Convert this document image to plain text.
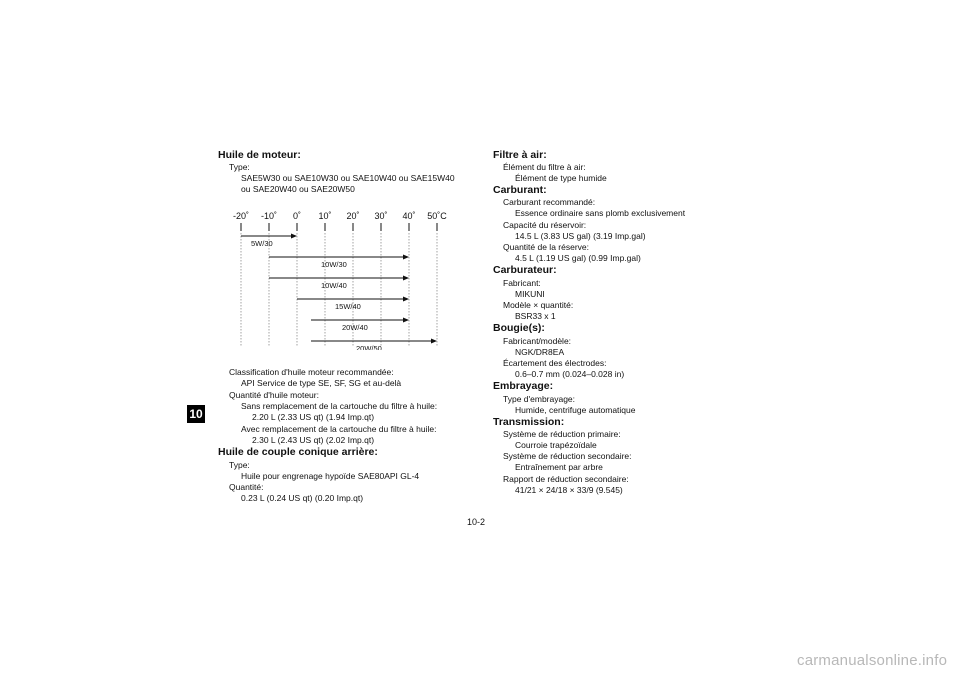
10
Huile de moteur:
Type:
SAE5W30 ou SAE10W30 ou SAE10W40 ou SAE15W40
ou SAE20W40 ou SAE20W50
-20˚ -10˚ 0˚ 10˚ 20˚ 30˚ 40˚ 50˚C
5W/30
10W/30
10W/40
15W/40
20W/40
20W/50
Classification d'huile moteur recommandée:
API Service de type SE, SF, SG et au-delà
Quantité d'huile moteur:
Sans remplacement de la cartouche du filtre à huile:
2.20 L (2.33 US qt) (1.94 Imp.qt)
Avec remplacement de la cartouche du filtre à huile:
2.30 L (2.43 US qt) (2.02 Imp.qt)
Huile de couple conique arrière:
Type:
Huile pour engrenage hypoïde SAE80API GL-4
Quantité:
0.23 L (0.24 US qt) (0.20 Imp.qt)
Filtre à air:
Élément du filtre à air:
Élément de type humide
Carburant:
Carburant recommandé:
Essence ordinaire sans plomb exclusivement
Capacité du réservoir:
14.5 L (3.83 US gal) (3.19 Imp.gal)
Quantité de la réserve:
4.5 L (1.19 US gal) (0.99 Imp.gal)
Carburateur:
Fabricant:
MIKUNI
Modèle × quantité:
BSR33 x 1
Bougie(s):
Fabricant/modèle:
NGK/DR8EA
Écartement des électrodes:
0.6–0.7 mm (0.024–0.028 in)
Embrayage:
Type d'embrayage:
Humide, centrifuge automatique
Transmission:
Système de réduction primaire:
Courroie trapézoïdale
Système de réduction secondaire:
Entraînement par arbre
Rapport de réduction secondaire:
41/21 × 24/18 × 33/9 (9.545)
10-2
carmanualsonline.info
